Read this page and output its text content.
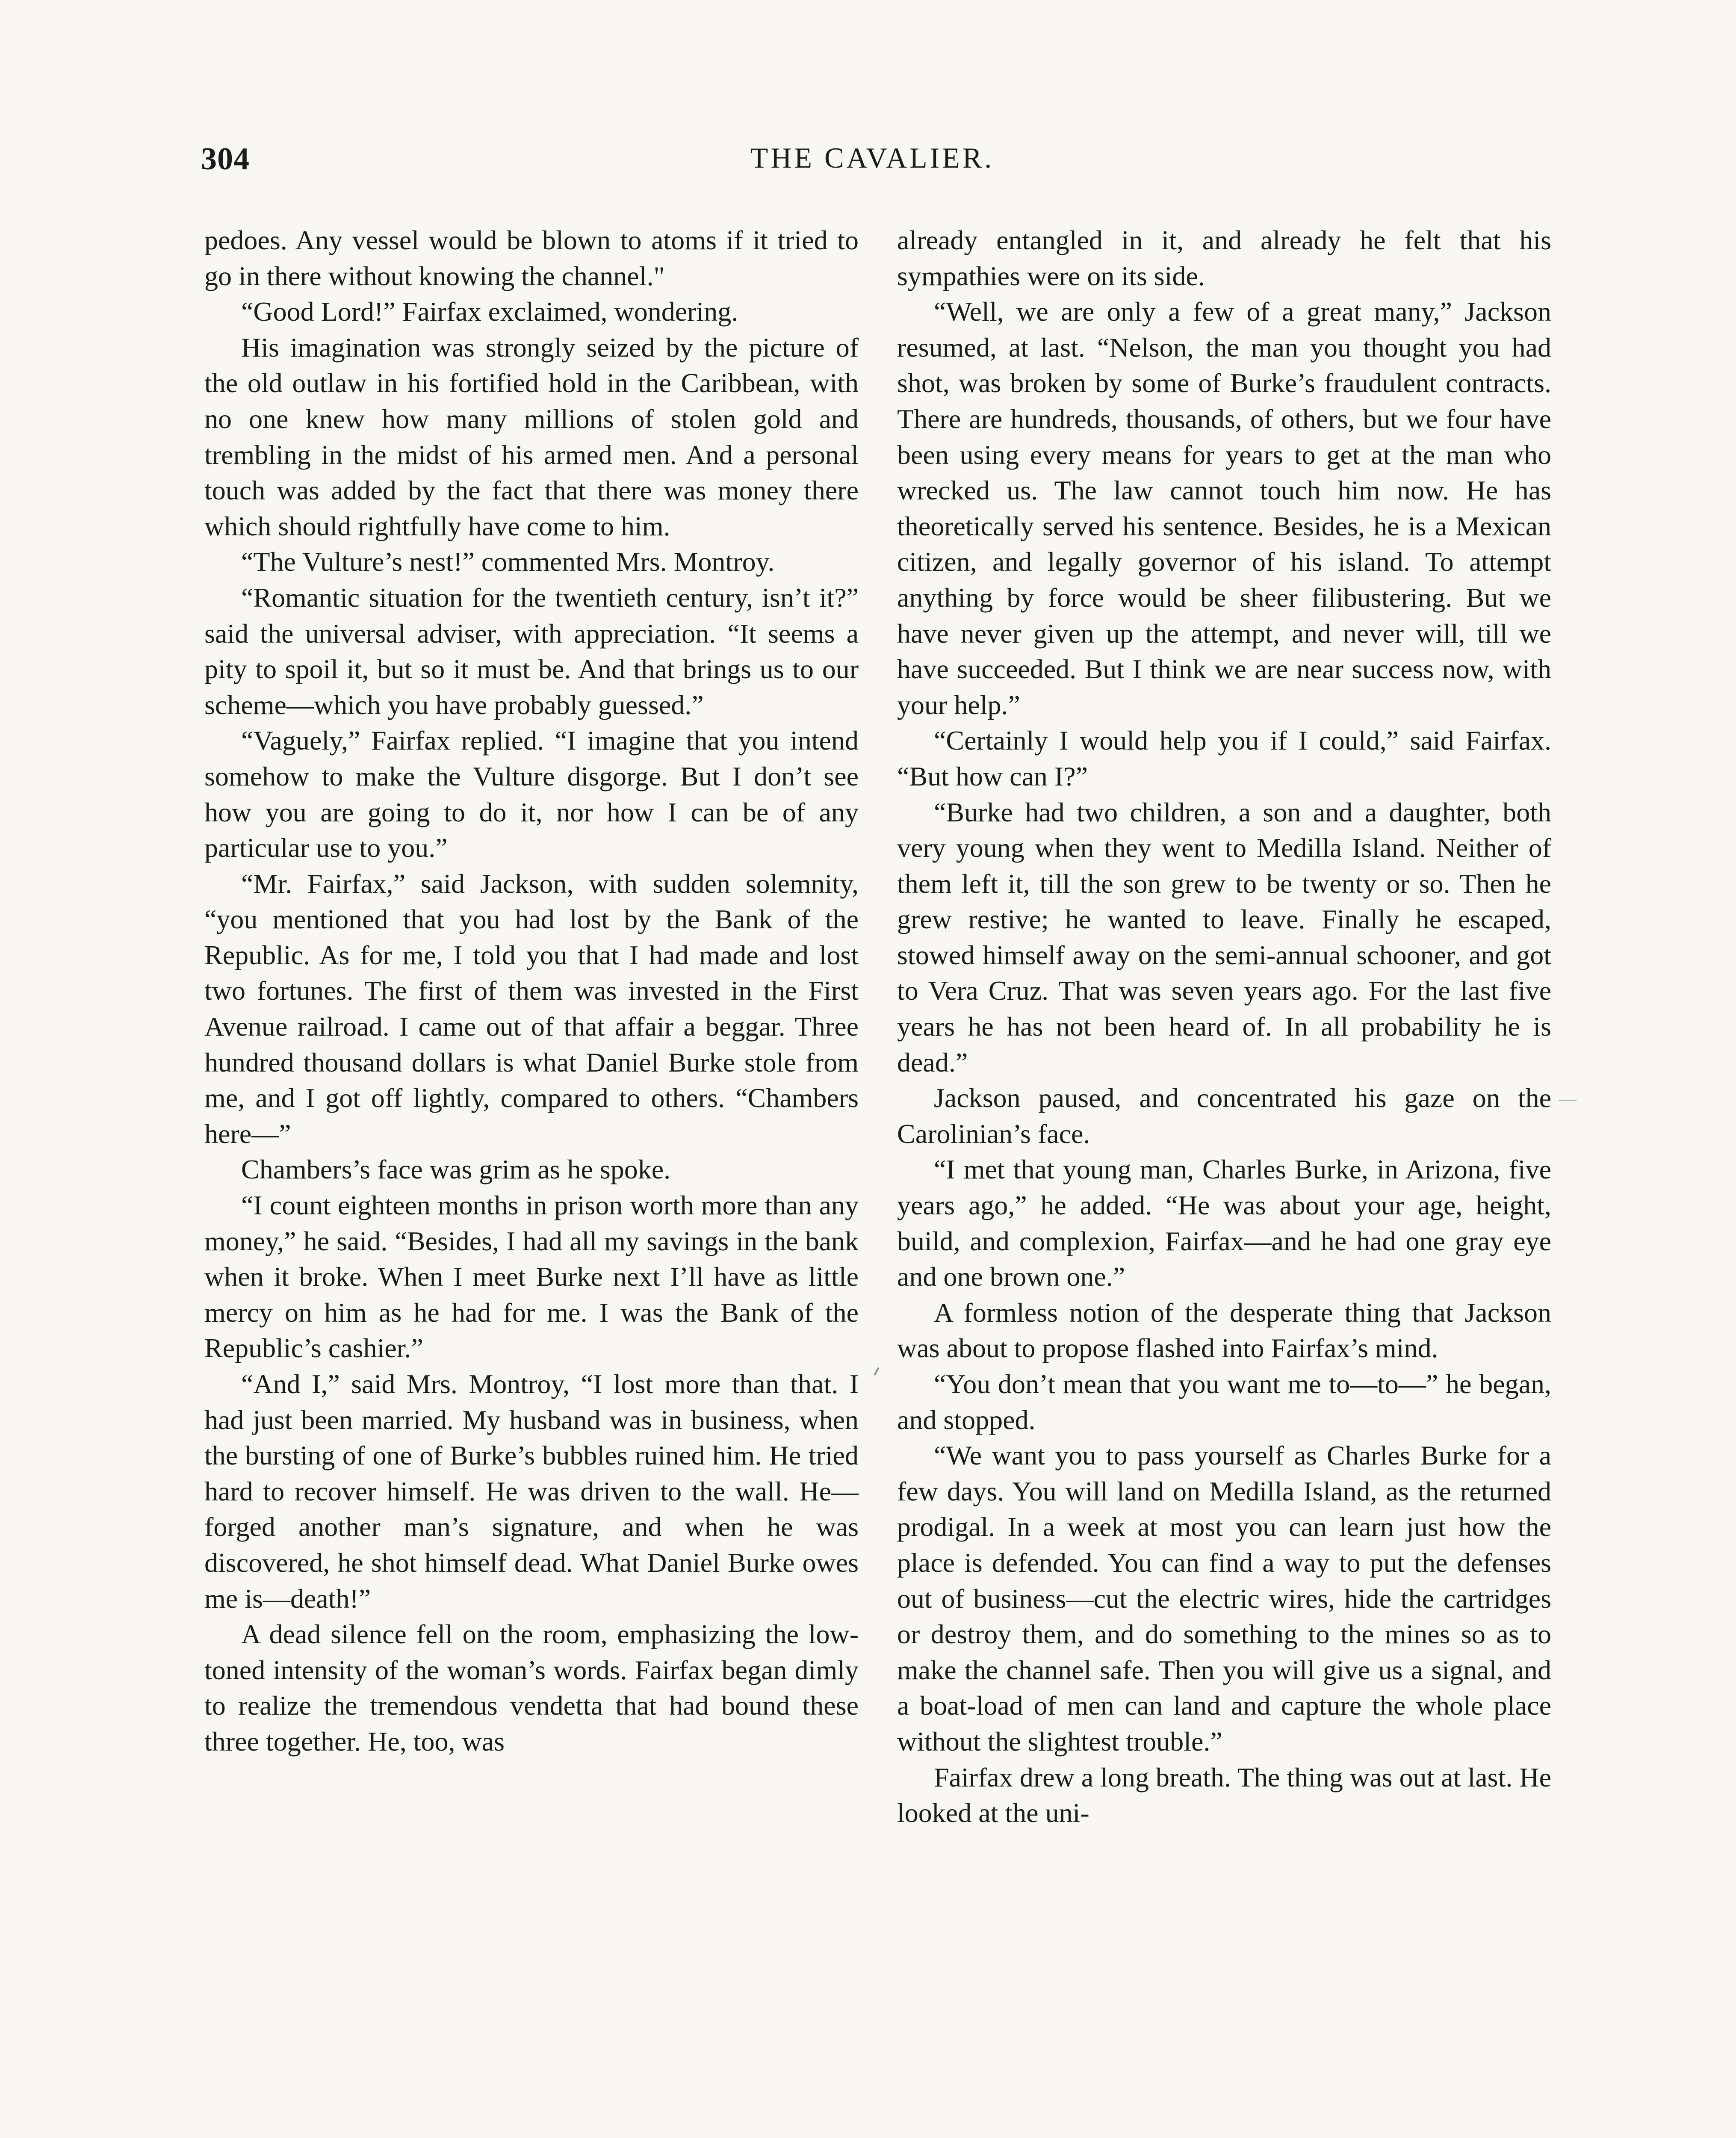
304	THE CAVALIER.

pedoes. Any vessel would be blown to atoms if it tried to go in there without knowing the channel."

“Good Lord!” Fairfax exclaimed, wondering.

His imagination was strongly seized by the picture of the old outlaw in his fortified hold in the Caribbean, with no one knew how many millions of stolen gold and trembling in the midst of his armed men. And a personal touch was added by the fact that there was money there which should rightfully have come to him.

“The Vulture’s nest!” commented Mrs. Montroy.

“Romantic situation for the twentieth century, isn’t it?” said the universal adviser, with appreciation. “It seems a pity to spoil it, but so it must be. And that brings us to our scheme—which you have probably guessed.”

“Vaguely,” Fairfax replied. “I imagine that you intend somehow to make the Vulture disgorge. But I don’t see how you are going to do it, nor how I can be of any particular use to you.”

“Mr. Fairfax,” said Jackson, with sudden solemnity, “you mentioned that you had lost by the Bank of the Republic. As for me, I told you that I had made and lost two fortunes. The first of them was invested in the First Avenue railroad. I came out of that affair a beggar. Three hundred thousand dollars is what Daniel Burke stole from me, and I got off lightly, compared to others. “Chambers here—”

Chambers’s face was grim as he spoke.

“I count eighteen months in prison worth more than any money,” he said. “Besides, I had all my savings in the bank when it broke. When I meet Burke next I’ll have as little mercy on him as he had for me. I was the Bank of the Republic’s cashier.”

“And I,” said Mrs. Montroy, “I lost more than that. I had just been married. My husband was in business, when the bursting of one of Burke’s bubbles ruined him. He tried hard to recover himself. He was driven to the wall. He—forged another man’s signature, and when he was discovered, he shot himself dead. What Daniel Burke owes me is—death!”

A dead silence fell on the room, emphasizing the low-toned intensity of the woman’s words. Fairfax began dimly to realize the tremendous vendetta that had bound these three together. He, too, was

already entangled in it, and already he felt that his sympathies were on its side.

“Well, we are only a few of a great many,” Jackson resumed, at last. “Nelson, the man you thought you had shot, was broken by some of Burke’s fraudulent contracts. There are hundreds, thousands, of others, but we four have been using every means for years to get at the man who wrecked us. The law cannot touch him now. He has theoretically served his sentence. Besides, he is a Mexican citizen, and legally governor of his island. To attempt anything by force would be sheer filibustering. But we have never given up the attempt, and never will, till we have succeeded. But I think we are near success now, with your help.”

“Certainly I would help you if I could,” said Fairfax. “But how can I?”

“Burke had two children, a son and a daughter, both very young when they went to Medilla Island. Neither of them left it, till the son grew to be twenty or so. Then he grew restive; he wanted to leave. Finally he escaped, stowed himself away on the semi-annual schooner, and got to Vera Cruz. That was seven years ago. For the last five years he has not been heard of. In all probability he is dead.”

Jackson paused, and concentrated his gaze on the Carolinian’s face.

“I met that young man, Charles Burke, in Arizona, five years ago,” he added. “He was about your age, height, build, and complexion, Fairfax—and he had one gray eye and one brown one.”

A formless notion of the desperate thing that Jackson was about to propose flashed into Fairfax’s mind.

“You don’t mean that you want me to—to—” he began, and stopped.

“We want you to pass yourself as Charles Burke for a few days. You will land on Medilla Island, as the returned prodigal. In a week at most you can learn just how the place is defended. You can find a way to put the defenses out of business—cut the electric wires, hide the cartridges or destroy them, and do something to the mines so as to make the channel safe. Then you will give us a signal, and a boat-load of men can land and capture the whole place without the slightest trouble.”

Fairfax drew a long breath. The thing was out at last. He looked at the uni-
